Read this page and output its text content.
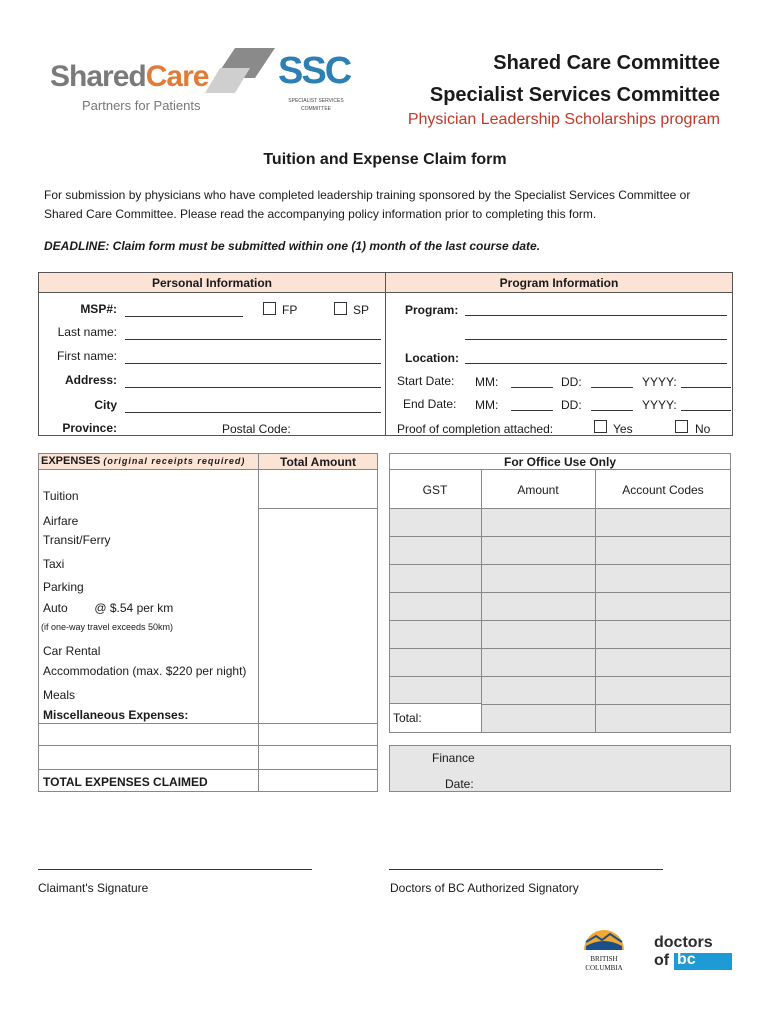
SharedCare
Partners for Patients
SSC
SPECIALIST SERVICES
COMMITTEE
Shared Care Committee
Specialist Services Committee
Physician Leadership Scholarships program
Tuition and Expense Claim form
For submission by physicians who have completed leadership training sponsored by the Specialist Services Committee or
Shared Care Committee. Please read the accompanying policy information prior to completing this form.
DEADLINE: Claim form must be submitted within one (1) month of the last course date.
Personal Information	Program Information
MSP#:	FP	SP
Last name:
First name:
Address:
City
Province:	Postal Code:
Program:
Location:
Start Date: MM:	DD:	YYYY:
End Date: MM:	DD:	YYYY:
Proof of completion attached:	Yes	No
EXPENSES (original receipts required)	Total Amount
Tuition
Airfare
Transit/Ferry
Taxi
Parking
Auto        @ $.54 per km
(if one-way travel exceeds 50km)
Car Rental
Accommodation (max. $220 per night)
Meals
Miscellaneous Expenses:
TOTAL EXPENSES CLAIMED
For Office Use Only
GST	Amount	Account Codes
Total:
Finance
Date:
Claimant's Signature	Doctors of BC Authorized Signatory
BRITISH
COLUMBIA
doctors
of bc
